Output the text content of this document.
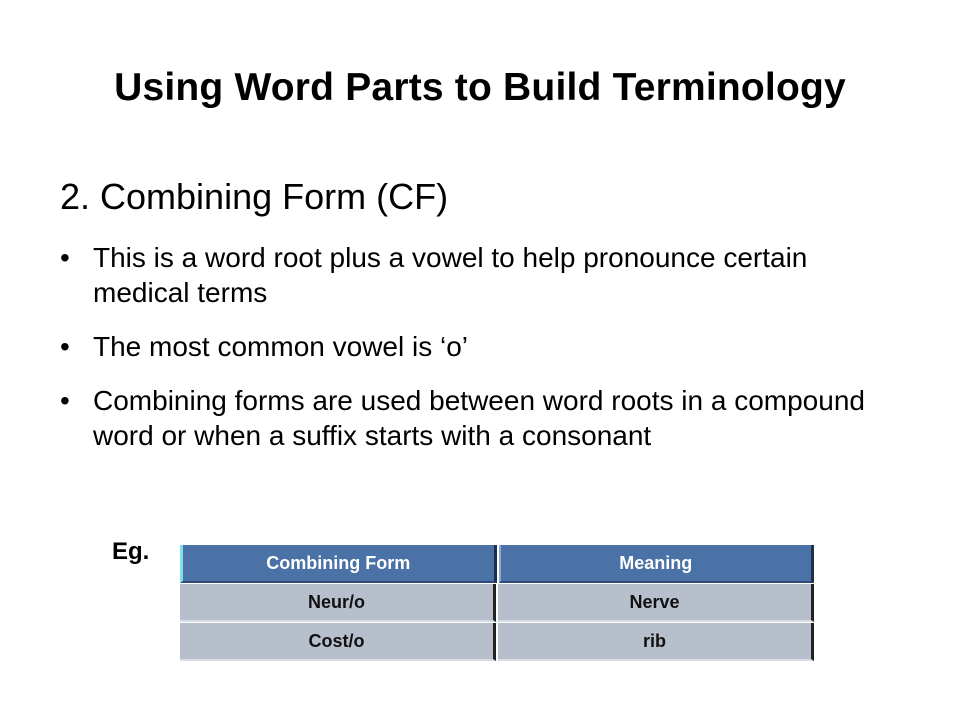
Using Word Parts to Build Terminology
2. Combining Form (CF)
• This is a word root plus a vowel to help pronounce certain medical terms
• The most common vowel is ‘o’
• Combining forms are used between word roots in a compound word or when a suffix starts with a consonant
Eg.	Combining Form	Meaning
Neur/o	Nerve
Cost/o	rib
